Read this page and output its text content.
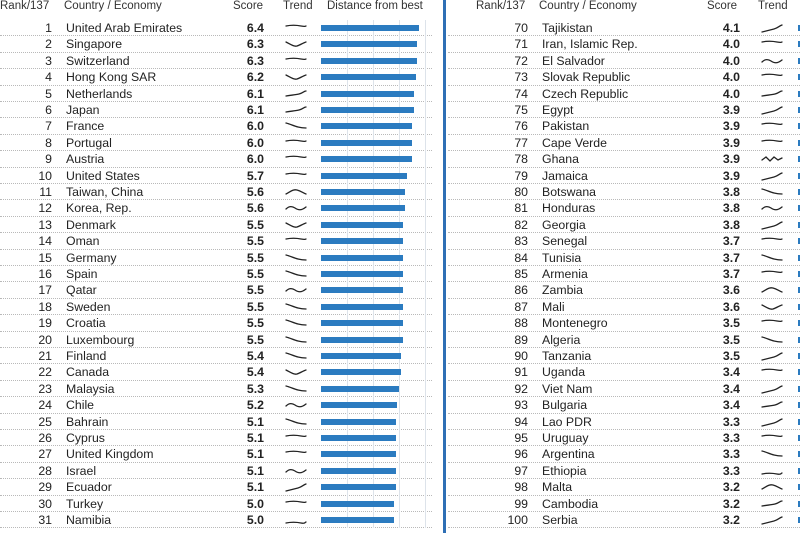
Rank/137 Country / Economy	Score Trend Distance from best
1 United Arab Emirates	6.4
2 Singapore	6.3
3 Switzerland	6.3
4 Hong Kong SAR	6.2
5 Netherlands	6.1
6 Japan	6.1
7 France	6.0
8 Portugal	6.0
9 Austria	6.0
10 United States	5.7
11 Taiwan, China	5.6
12 Korea, Rep.	5.6
13 Denmark	5.5
14 Oman	5.5
15 Germany	5.5
16 Spain	5.5
17 Qatar	5.5
18 Sweden	5.5
19 Croatia	5.5
20 Luxembourg	5.5
21 Finland	5.4
22 Canada	5.4
23 Malaysia	5.3
24 Chile	5.2
25 Bahrain	5.1
26 Cyprus	5.1
27 United Kingdom	5.1
28 Israel	5.1
29 Ecuador	5.1
30 Turkey	5.0
31 Namibia	5.0
Rank/137 Country / Economy	Score Trend
70 Tajikistan	4.1
71 Iran, Islamic Rep.	4.0
72 El Salvador	4.0
73 Slovak Republic	4.0
74 Czech Republic	4.0
75 Egypt	3.9
76 Pakistan	3.9
77 Cape Verde	3.9
78 Ghana	3.9
79 Jamaica	3.9
80 Botswana	3.8
81 Honduras	3.8
82 Georgia	3.8
83 Senegal	3.7
84 Tunisia	3.7
85 Armenia	3.7
86 Zambia	3.6
87 Mali	3.6
88 Montenegro	3.5
89 Algeria	3.5
90 Tanzania	3.5
91 Uganda	3.4
92 Viet Nam	3.4
93 Bulgaria	3.4
94 Lao PDR	3.3
95 Uruguay	3.3
96 Argentina	3.3
97 Ethiopia	3.3
98 Malta	3.2
99 Cambodia	3.2
100 Serbia	3.2
